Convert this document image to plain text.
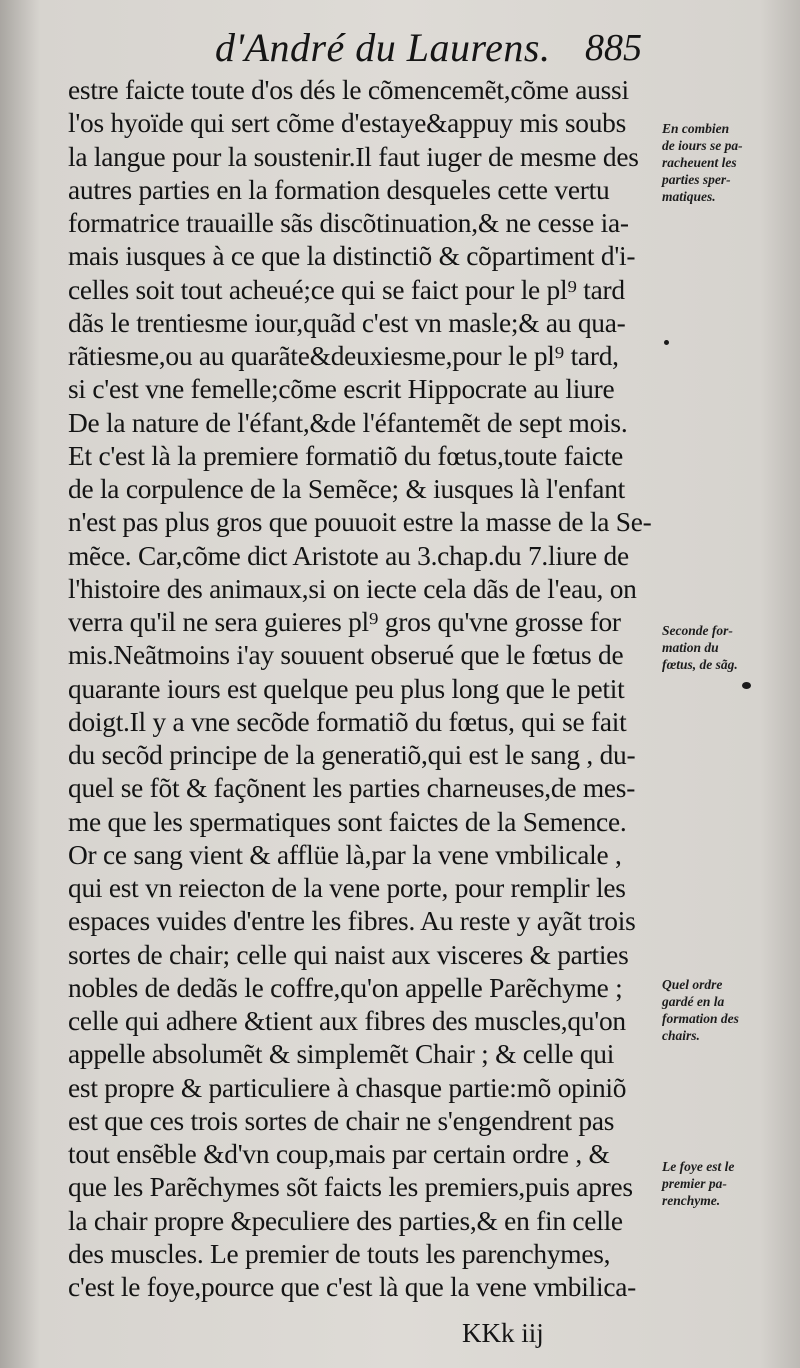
d'André du Laurens. 885
estre faicte toute d'os dés le cõmencemẽt,cõme aussi
l'os hyoïde qui sert cõme d'estaye&appuy mis soubs
la langue pour la soustenir.Il faut iuger de mesme des
autres parties en la formation desqueles cette vertu
formatrice trauaille sãs discõtinuation,& ne cesse ia-
mais iusques à ce que la distinctiõ & cõpartiment d'i-
celles soit tout acheué;ce qui se faict pour le pl⁹ tard
dãs le trentiesme iour,quãd c'est vn masle;& au qua-
rãtiesme,ou au quarãte&deuxiesme,pour le pl⁹ tard,
si c'est vne femelle;cõme escrit Hippocrate au liure
De la nature de l'éfant,&de l'éfantemẽt de sept mois.
Et c'est là la premiere formatiõ du fœtus,toute faicte
de la corpulence de la Semẽce; & iusques là l'enfant
n'est pas plus gros que pouuoit estre la masse de la Se-
mẽce. Car,cõme dict Aristote au 3.chap.du 7.liure de
l'histoire des animaux,si on iecte cela dãs de l'eau, on
verra qu'il ne sera guieres pl⁹ gros qu'vne grosse for
mis.Neãtmoins i'ay souuent obserué que le fœtus de
quarante iours est quelque peu plus long que le petit
doigt.Il y a vne secõde formatiõ du fœtus, qui se fait
du secõd principe de la generatiõ,qui est le sang , du-
quel se fõt & façõnent les parties charneuses,de mes-
me que les spermatiques sont faictes de la Semence.
Or ce sang vient & afflüe là,par la vene vmbilicale ,
qui est vn reiecton de la vene porte, pour remplir les
espaces vuides d'entre les fibres. Au reste y ayãt trois
sortes de chair; celle qui naist aux visceres & parties
nobles de dedãs le coffre,qu'on appelle Parẽchyme ;
celle qui adhere &tient aux fibres des muscles,qu'on
appelle absolumẽt & simplemẽt Chair ; & celle qui
est propre & particuliere à chasque partie:mõ opiniõ
est que ces trois sortes de chair ne s'engendrent pas
tout ensẽble &d'vn coup,mais par certain ordre , &
que les Parẽchymes sõt faicts les premiers,puis apres
la chair propre &peculiere des parties,& en fin celle
des muscles. Le premier de touts les parenchymes,
c'est le foye,pource que c'est là que la vene vmbilica-
En combien
de iours se pa-
racheuent les
parties sper-
matiques.
Seconde for-
mation du
fœtus, de sãg.
Quel ordre
gardé en la
formation des
chairs.
Le foye est le
premier pa-
renchyme.
KKk iij
